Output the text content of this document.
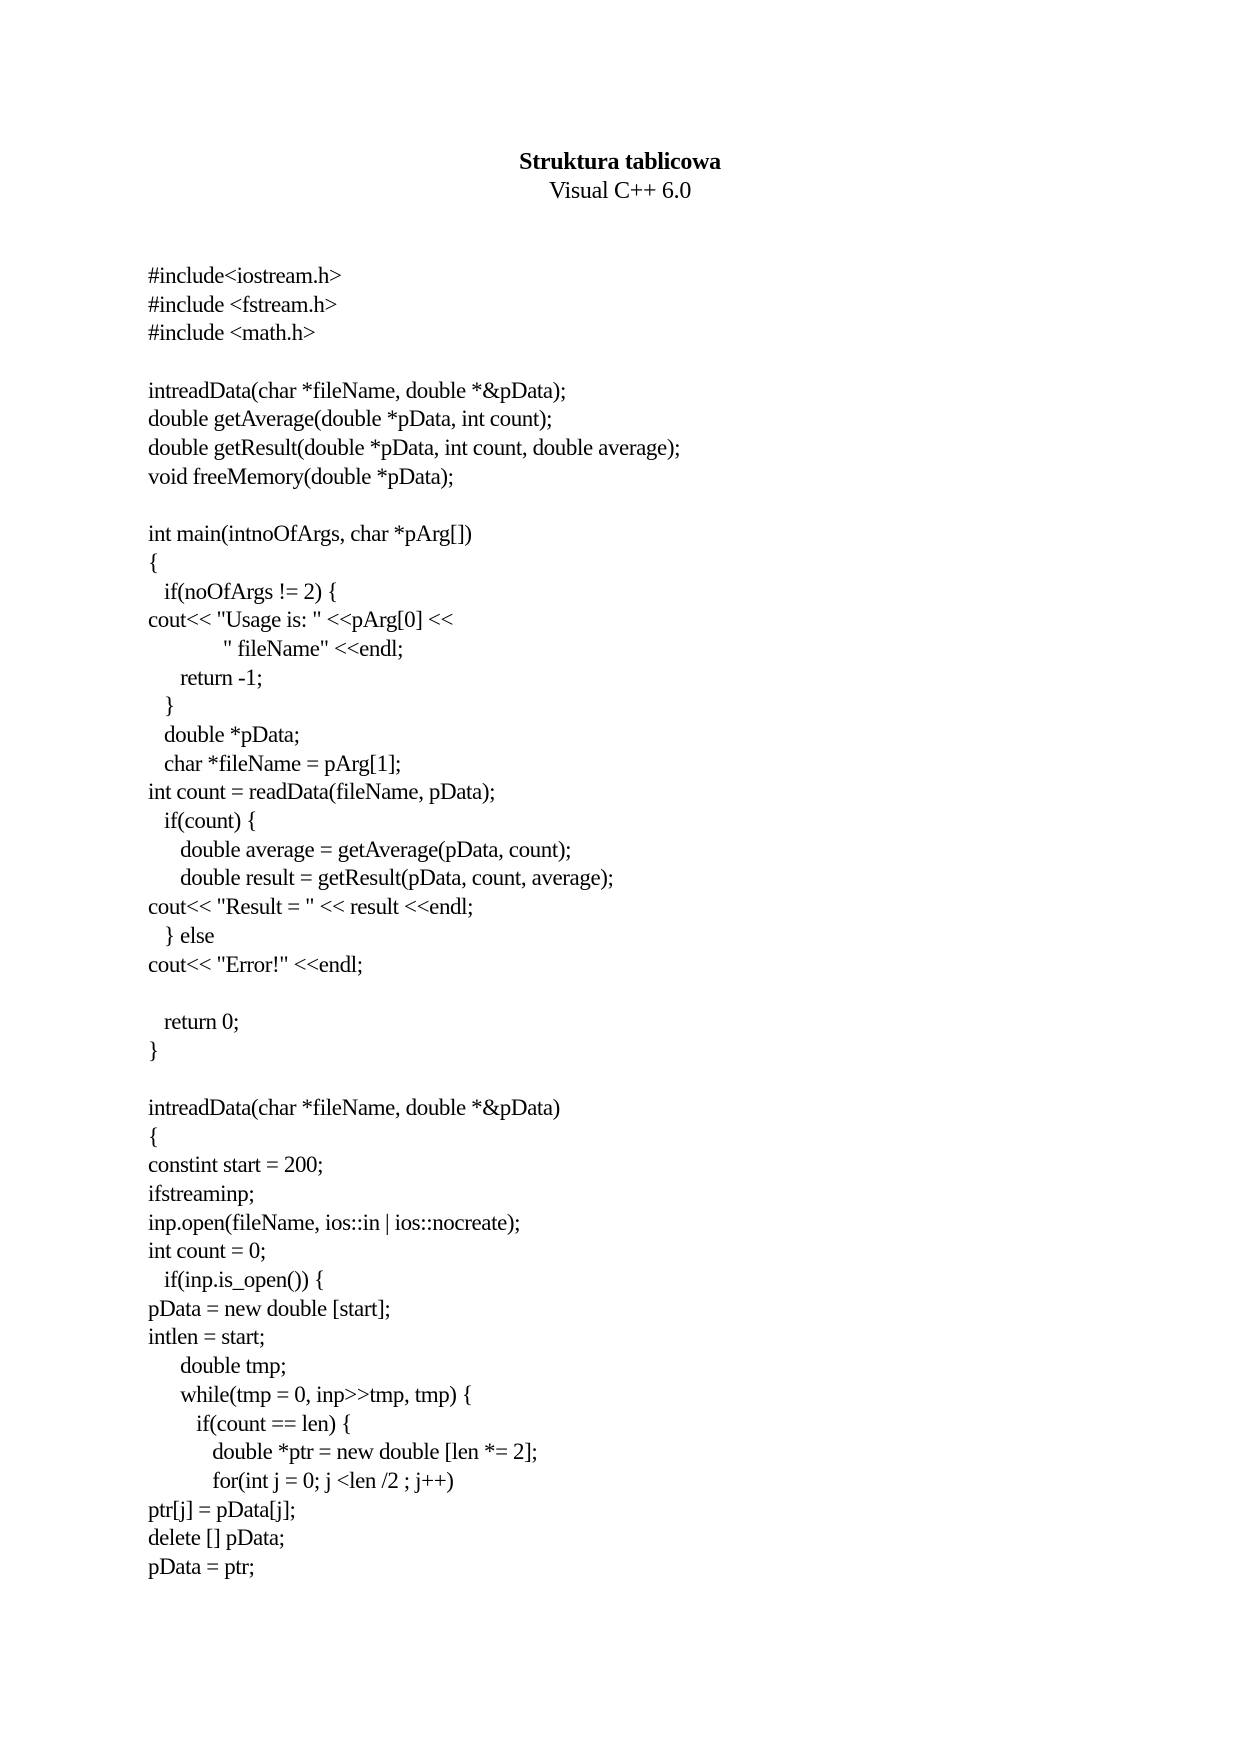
Struktura tablicowa
Visual C++ 6.0
#include<iostream.h>
#include <fstream.h>
#include <math.h>
intreadData(char *fileName, double *&pData);
double getAverage(double *pData, int count);
double getResult(double *pData, int count, double average);
void freeMemory(double *pData);
int main(intnoOfArgs, char *pArg[])
{
if(noOfArgs != 2) {
cout<< "Usage is: " <<pArg[0] <<
" fileName" <<endl;
return -1;
}
double *pData;
char *fileName = pArg[1];
int count = readData(fileName, pData);
if(count) {
double average = getAverage(pData, count);
double result = getResult(pData, count, average);
cout<< "Result = " << result <<endl;
} else
cout<< "Error!" <<endl;
return 0;
}
intreadData(char *fileName, double *&pData)
{
constint start = 200;
ifstreaminp;
inp.open(fileName, ios::in | ios::nocreate);
int count = 0;
if(inp.is_open()) {
pData = new double [start];
intlen = start;
double tmp;
while(tmp = 0, inp>>tmp, tmp) {
if(count == len) {
double *ptr = new double [len *= 2];
for(int j = 0; j <len /2 ; j++)
ptr[j] = pData[j];
delete [] pData;
pData = ptr;
